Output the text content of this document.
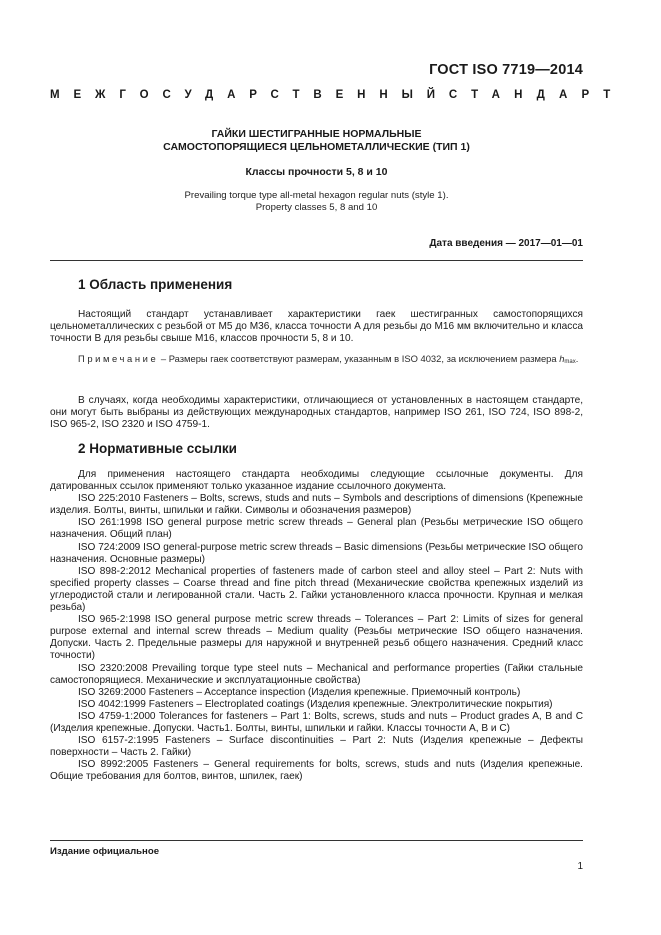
ГОСТ ISO 7719—2014
МЕЖГОСУДАРСТВЕННЫЙ СТАНДАРТ
ГАЙКИ ШЕСТИГРАННЫЕ НОРМАЛЬНЫЕ
САМОСТОПОРЯЩИЕСЯ ЦЕЛЬНОМЕТАЛЛИЧЕСКИЕ (ТИП 1)
Классы прочности 5, 8 и 10
Prevailing torque type all-metal hexagon regular nuts (style 1).
Property classes 5, 8 and 10
Дата введения — 2017—01—01
1 Область применения

Настоящий стандарт устанавливает характеристики гаек шестигранных самостопорящихся цельнометаллических с резьбой от M5 до M36, класса точности A для резьбы до M16 мм включительно и класса точности B для резьбы свыше M16, классов прочности 5, 8 и 10.

Примечание – Размеры гаек соответствуют размерам, указанным в ISO 4032, за исключением размера hmax.

В случаях, когда необходимы характеристики, отличающиеся от установленных в настоящем стандарте, они могут быть выбраны из действующих международных стандартов, например ISO 261, ISO 724, ISO 898-2, ISO 965-2, ISO 2320 и ISO 4759-1.

2 Нормативные ссылки

Для применения настоящего стандарта необходимы следующие ссылочные документы. Для датированных ссылок применяют только указанное издание ссылочного документа.

ISO 225:2010 Fasteners – Bolts, screws, studs and nuts – Symbols and descriptions of dimensions (Крепежные изделия. Болты, винты, шпильки и гайки. Символы и обозначения размеров)

ISO 261:1998 ISO general purpose metric screw threads – General plan (Резьбы метрические ISO общего назначения. Общий план)

ISO 724:2009 ISO general-purpose metric screw threads – Basic dimensions (Резьбы метрические ISO общего назначения. Основные размеры)

ISO 898-2:2012 Mechanical properties of fasteners made of carbon steel and alloy steel – Part 2: Nuts with specified property classes – Coarse thread and fine pitch thread (Механические свойства крепежных изделий из углеродистой стали и легированной стали. Часть 2. Гайки установленного класса прочности. Крупная и мелкая резьба)

ISO 965-2:1998 ISO general purpose metric screw threads – Tolerances – Part 2: Limits of sizes for general purpose external and internal screw threads – Medium quality (Резьбы метрические ISO общего назначения. Допуски. Часть 2. Предельные размеры для наружной и внутренней резьб общего назначения. Средний класс точности)

ISO 2320:2008 Prevailing torque type steel nuts – Mechanical and performance properties (Гайки стальные самостопорящиеся. Механические и эксплуатационные свойства)

ISO 3269:2000 Fasteners – Acceptance inspection (Изделия крепежные. Приемочный контроль)

ISO 4042:1999 Fasteners – Electroplated coatings (Изделия крепежные. Электролитические покрытия)

ISO 4759-1:2000 Tolerances for fasteners – Part 1: Bolts, screws, studs and nuts – Product grades A, B and C (Изделия крепежные. Допуски. Часть1. Болты, винты, шпильки и гайки. Классы точности A, B и C)

ISO 6157-2:1995 Fasteners – Surface discontinuities – Part 2: Nuts (Изделия крепежные – Дефекты поверхности – Часть 2. Гайки)

ISO 8992:2005 Fasteners – General requirements for bolts, screws, studs and nuts (Изделия крепежные. Общие требования для болтов, винтов, шпилек, гаек)

Издание официальное
1
